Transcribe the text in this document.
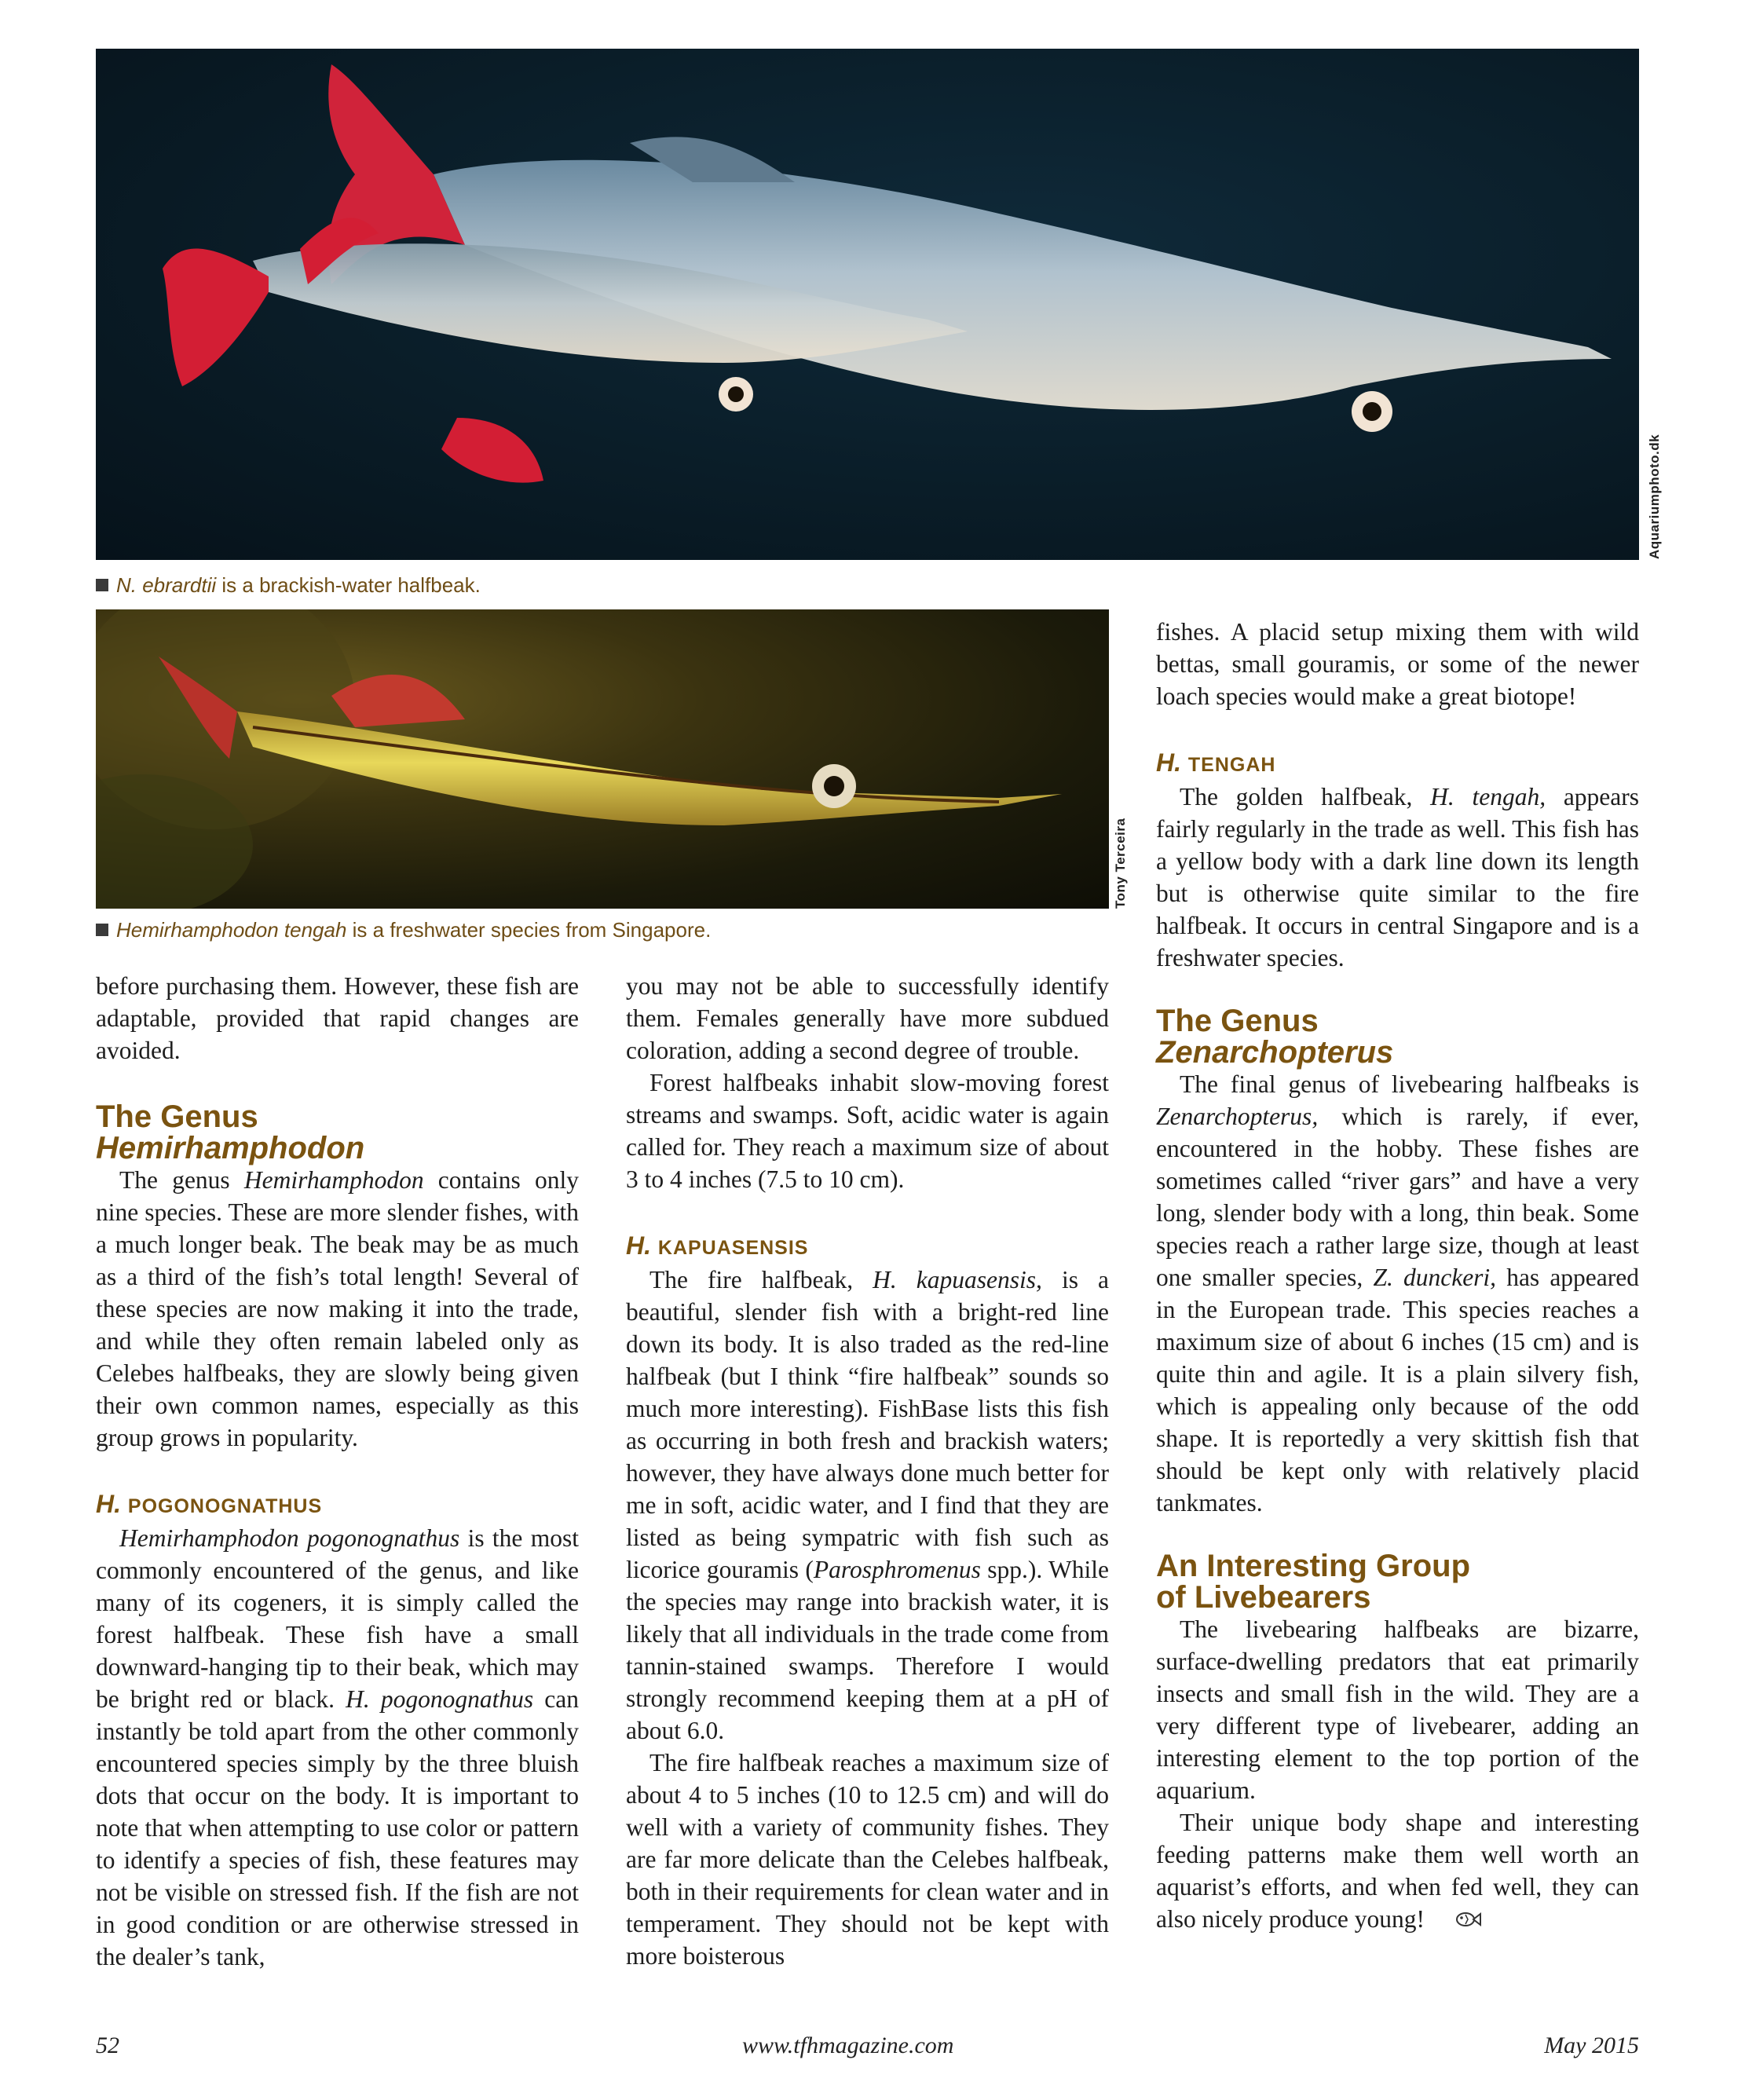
Aquariumphoto.dk
N. ebrardtii is a brackish-water halfbeak.
Tony Terceira
Hemirhamphodon tengah is a freshwater species from Singapore.

before purchasing them. However, these fish are adaptable, provided that rapid changes are avoided.

The Genus
Hemirhamphodon

The genus Hemirhamphodon contains only nine species. These are more slender fishes, with a much longer beak. The beak may be as much as a third of the fish’s total length! Several of these species are now making it into the trade, and while they often remain labeled only as Celebes halfbeaks, they are slowly being given their own common names, especially as this group grows in popularity.

H. POGONOGNATHUS

Hemirhamphodon pogonognathus is the most commonly encountered of the genus, and like many of its cogeners, it is simply called the forest halfbeak. These fish have a small downward-hanging tip to their beak, which may be bright red or black. H. pogonognathus can instantly be told apart from the other commonly encountered species simply by the three bluish dots that occur on the body. It is important to note that when attempting to use color or pattern to identify a species of fish, these features may not be visible on stressed fish. If the fish are not in good condition or are otherwise stressed in the dealer’s tank,

you may not be able to successfully identify them. Females generally have more subdued coloration, adding a second degree of trouble.

Forest halfbeaks inhabit slow-moving forest streams and swamps. Soft, acidic water is again called for. They reach a maximum size of about 3 to 4 inches (7.5 to 10 cm).

H. KAPUASENSIS

The fire halfbeak, H. kapuasensis, is a beautiful, slender fish with a bright-red line down its body. It is also traded as the red-line halfbeak (but I think “fire halfbeak” sounds so much more interesting). FishBase lists this fish as occurring in both fresh and brackish waters; however, they have always done much better for me in soft, acidic water, and I find that they are listed as being sympatric with fish such as licorice gouramis (Parosphromenus spp.). While the species may range into brackish water, it is likely that all individuals in the trade come from tannin-stained swamps. Therefore I would strongly recommend keeping them at a pH of about 6.0.

The fire halfbeak reaches a maximum size of about 4 to 5 inches (10 to 12.5 cm) and will do well with a variety of community fishes. They are far more delicate than the Celebes halfbeak, both in their requirements for clean water and in temperament. They should not be kept with more boisterous

fishes. A placid setup mixing them with wild bettas, small gouramis, or some of the newer loach species would make a great biotope!

H. TENGAH

The golden halfbeak, H. tengah, appears fairly regularly in the trade as well. This fish has a yellow body with a dark line down its length but is otherwise quite similar to the fire halfbeak. It occurs in central Singapore and is a freshwater species.

The Genus
Zenarchopterus

The final genus of livebearing halfbeaks is Zenarchopterus, which is rarely, if ever, encountered in the hobby. These fishes are sometimes called “river gars” and have a very long, slender body with a long, thin beak. Some species reach a rather large size, though at least one smaller species, Z. dunckeri, has appeared in the European trade. This species reaches a maximum size of about 6 inches (15 cm) and is quite thin and agile. It is a plain silvery fish, which is appealing only because of the odd shape. It is reportedly a very skittish fish that should be kept only with relatively placid tankmates.

An Interesting Group
of Livebearers

The livebearing halfbeaks are bizarre, surface-dwelling predators that eat primarily insects and small fish in the wild. They are a very different type of livebearer, adding an interesting element to the top portion of the aquarium.

Their unique body shape and interesting feeding patterns make them well worth an aquarist’s efforts, and when fed well, they can also nicely produce young!

52	www.tfhmagazine.com	May 2015
